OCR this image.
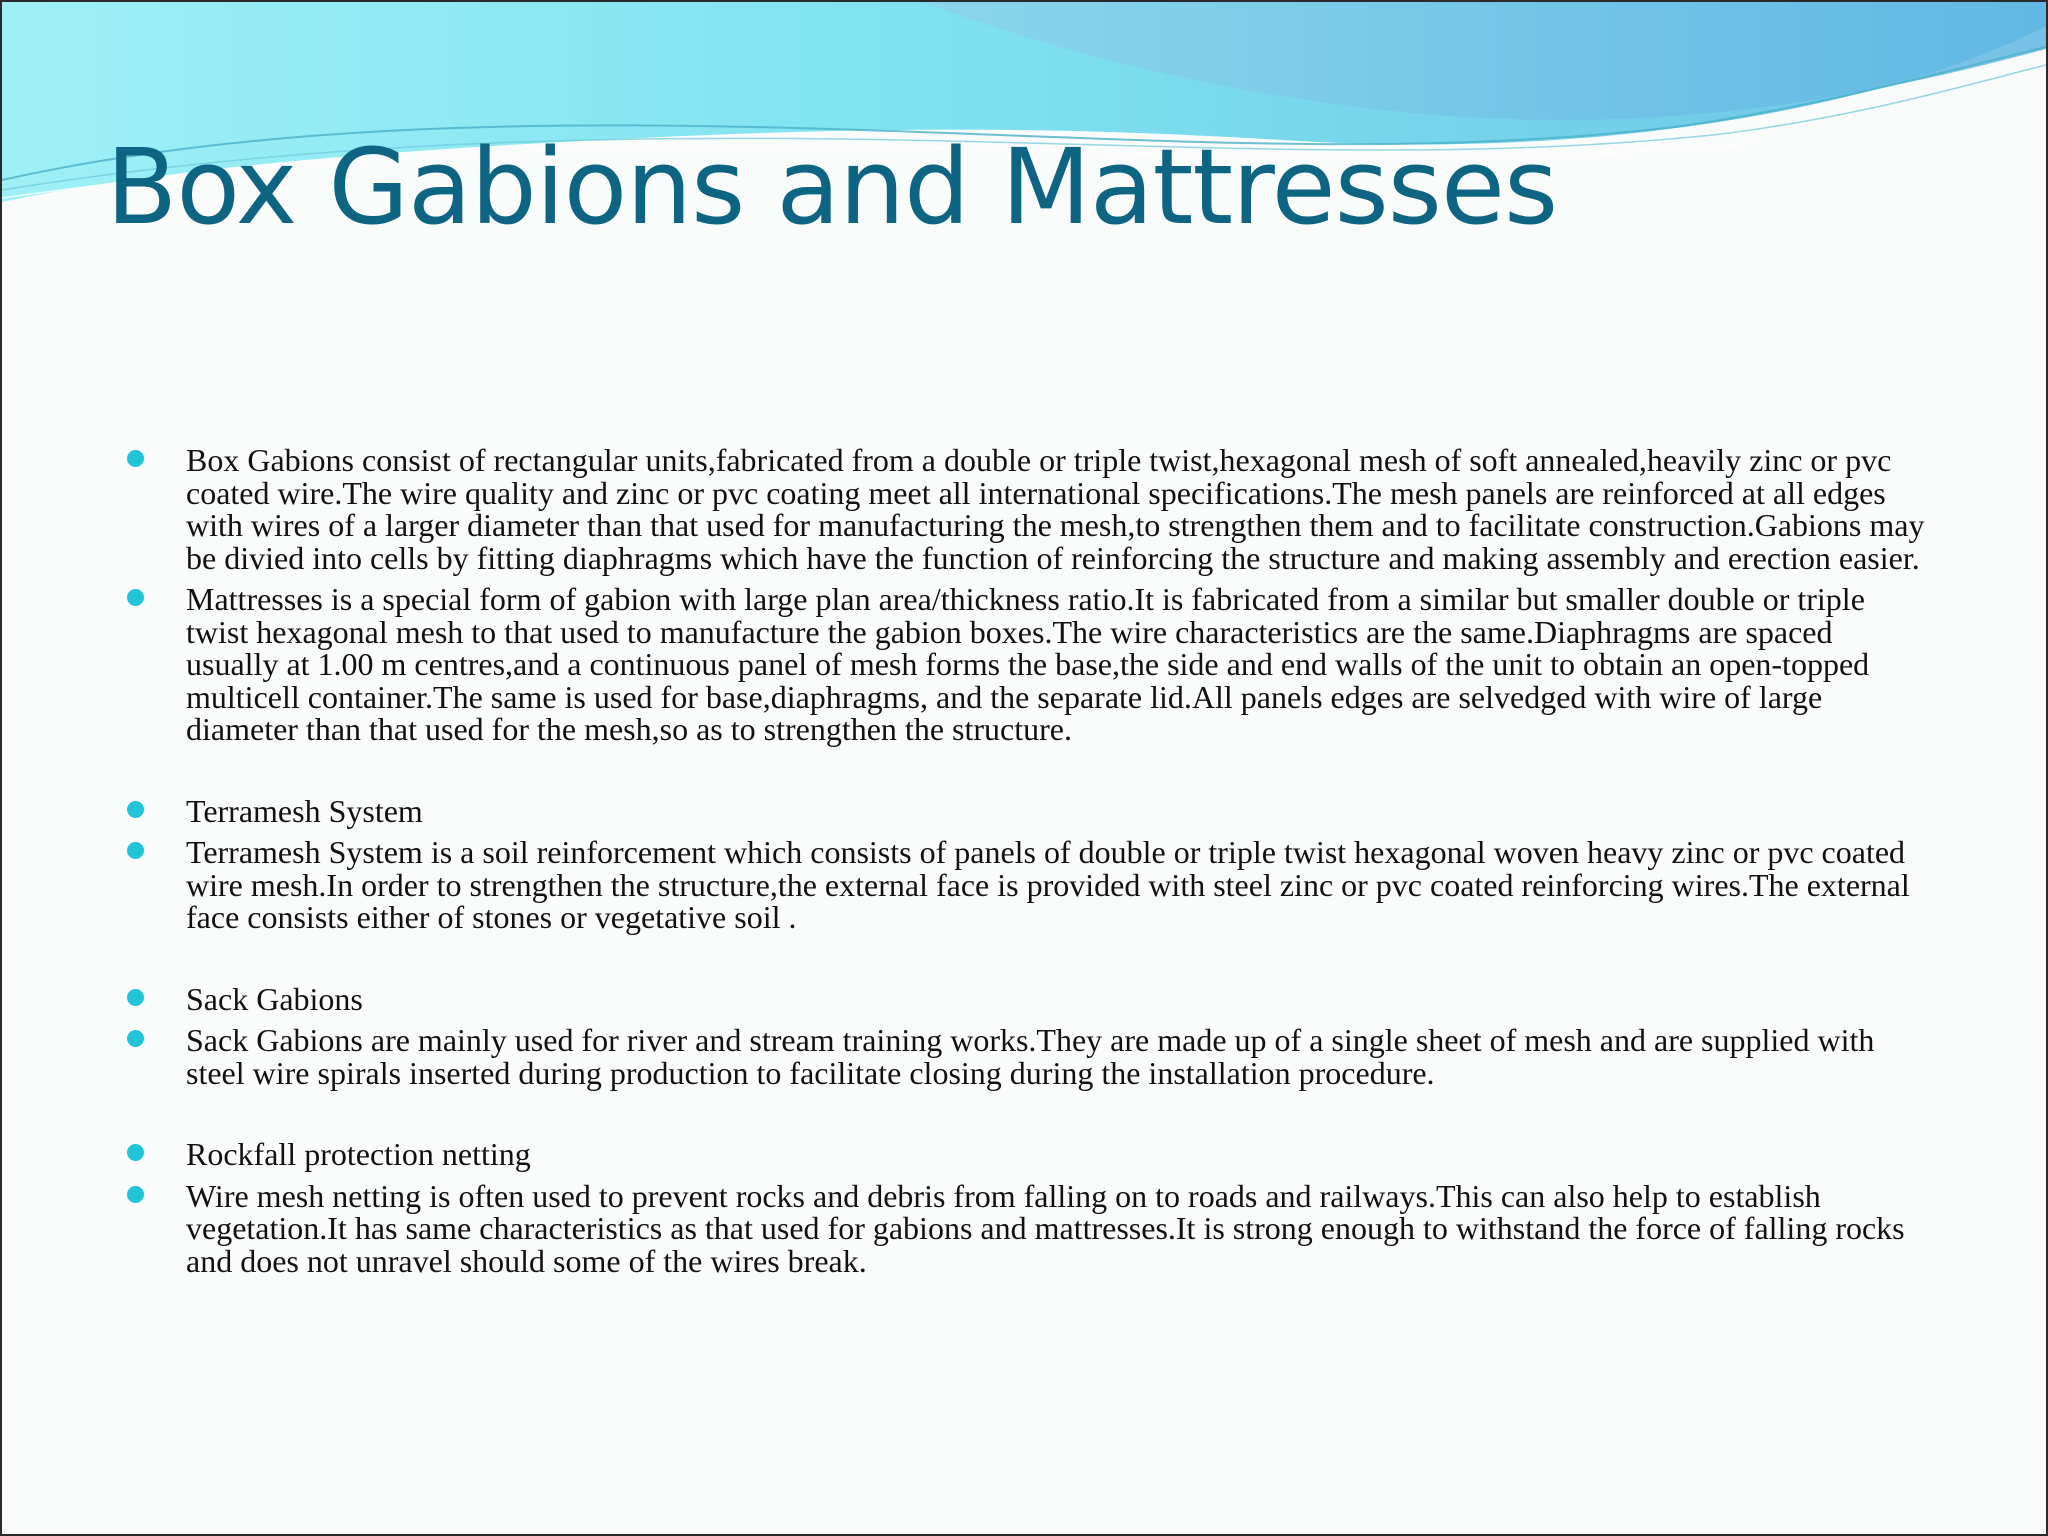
Box Gabions and Mattresses
Box Gabions consist of rectangular units,fabricated from a double or triple twist,hexagonal mesh of soft annealed,heavily zinc or pvc coated wire.The wire quality and zinc or pvc coating meet all international specifications.The mesh panels are reinforced at all edges with wires of a larger diameter than that used for manufacturing the mesh,to strengthen them and to facilitate construction.Gabions may be divied into cells by fitting diaphragms which have the function of reinforcing the structure and making assembly and erection easier.
Mattresses is a special form of gabion with large plan area/thickness ratio.It is fabricated from a similar but smaller double or triple twist hexagonal mesh to that used to manufacture the gabion boxes.The wire characteristics are the same.Diaphragms are spaced usually at 1.00 m centres,and a continuous panel of mesh forms the base,the side and end walls of the unit to obtain an open-topped multicell container.The same is used for base,diaphragms, and the separate lid.All panels edges are selvedged with wire of large diameter than that used for the mesh,so as to strengthen the structure.
Terramesh System
Terramesh System is a soil reinforcement which consists of panels of double or triple twist hexagonal woven heavy zinc or pvc coated wire mesh.In order to strengthen the structure,the external face is provided with steel zinc or pvc coated reinforcing wires.The external face consists either of stones or vegetative soil .
Sack Gabions
Sack Gabions are mainly used for river and stream training works.They are made up of a single sheet of mesh and are supplied with steel wire spirals inserted during production to facilitate closing during the installation procedure.
Rockfall protection netting
Wire mesh netting is often used to prevent rocks and debris from falling on to roads and railways.This can also help to establish vegetation.It has same characteristics as that used for gabions and mattresses.It is strong enough to withstand the force of falling rocks and does not unravel should some of the wires break.
